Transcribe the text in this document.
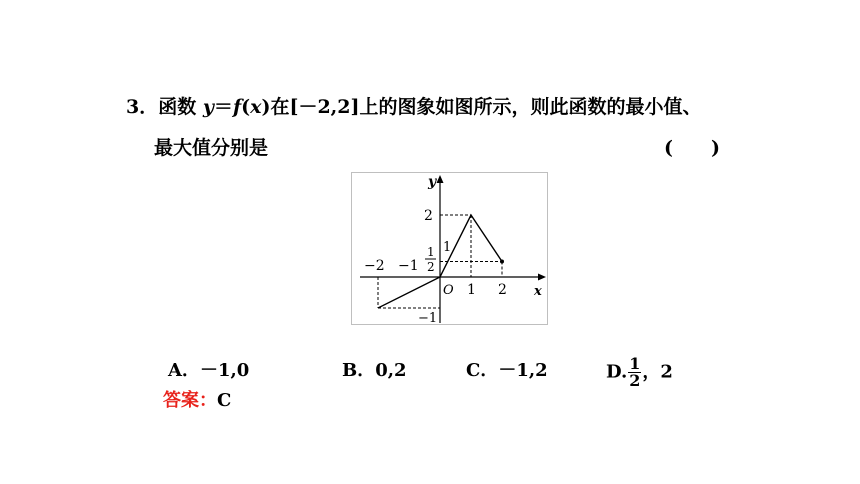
3．函数 y＝f(x)在[－2,2]上的图象如图所示，则此函数的最小值、
最大值分别是	(　　)
y
x
O
2
1
1
2
−1
−2 −1
1 2
A．－1,0	B．0,2	C．－1,2	D. $\frac{1}{2}$ ，2
答案：C
